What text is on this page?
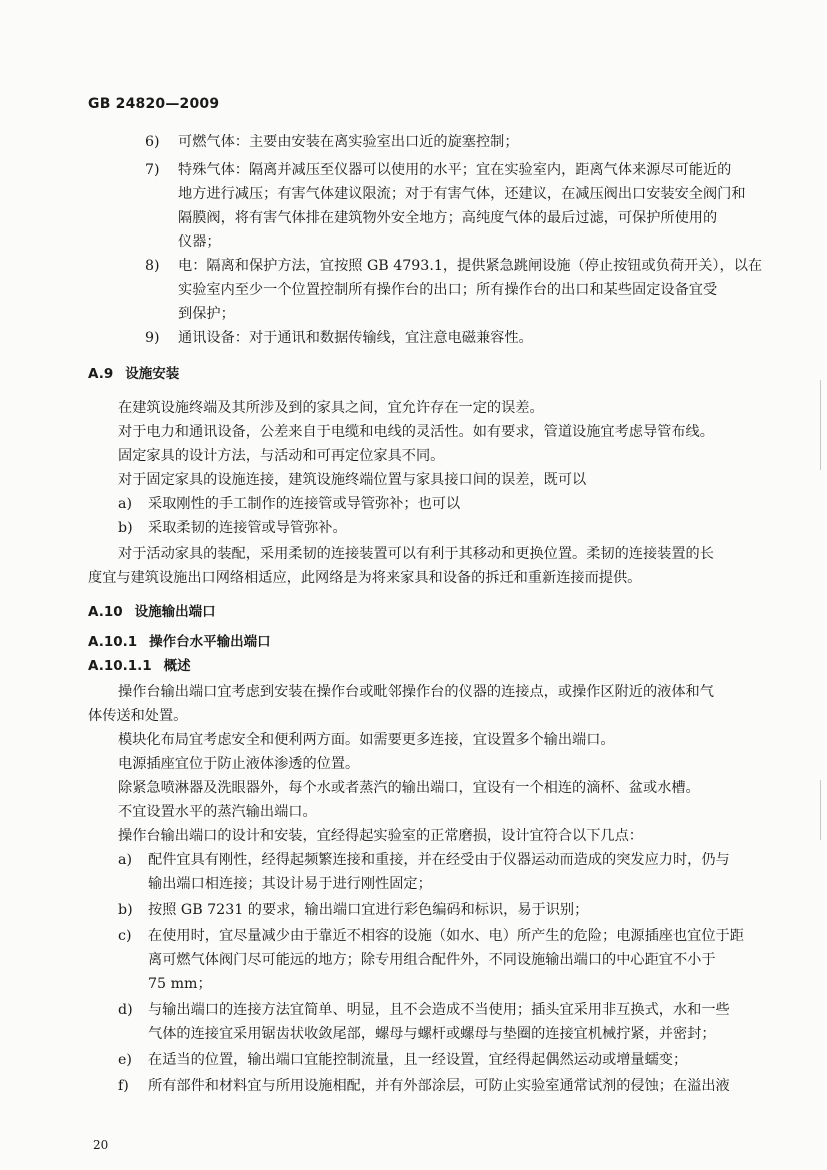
GB 24820—2009
6) 可燃气体：主要由安装在离实验室出口近的旋塞控制；
7) 特殊气体：隔离并减压至仪器可以使用的水平；宜在实验室内，距离气体来源尽可能近的
地方进行减压；有害气体建议限流；对于有害气体，还建议，在减压阀出口安装安全阀门和
隔膜阀，将有害气体排在建筑物外安全地方；高纯度气体的最后过滤，可保护所使用的
仪器；
8) 电：隔离和保护方法，宜按照 GB 4793.1，提供紧急跳闸设施（停止按钮或负荷开关），以在
实验室内至少一个位置控制所有操作台的出口；所有操作台的出口和某些固定设备宜受
到保护；
9) 通讯设备：对于通讯和数据传输线，宜注意电磁兼容性。
A.9 设施安装
在建筑设施终端及其所涉及到的家具之间，宜允许存在一定的误差。
对于电力和通讯设备，公差来自于电缆和电线的灵活性。如有要求，管道设施宜考虑导管布线。
固定家具的设计方法，与活动和可再定位家具不同。
对于固定家具的设施连接，建筑设施终端位置与家具接口间的误差，既可以
a) 采取刚性的手工制作的连接管或导管弥补；也可以
b) 采取柔韧的连接管或导管弥补。
对于活动家具的装配，采用柔韧的连接装置可以有利于其移动和更换位置。柔韧的连接装置的长
度宜与建筑设施出口网络相适应，此网络是为将来家具和设备的拆迁和重新连接而提供。
A.10 设施输出端口
A.10.1 操作台水平输出端口
A.10.1.1 概述
操作台输出端口宜考虑到安装在操作台或毗邻操作台的仪器的连接点，或操作区附近的液体和气
体传送和处置。
模块化布局宜考虑安全和便利两方面。如需要更多连接，宜设置多个输出端口。
电源插座宜位于防止液体渗透的位置。
除紧急喷淋器及洗眼器外，每个水或者蒸汽的输出端口，宜设有一个相连的滴杯、盆或水槽。
不宜设置水平的蒸汽输出端口。
操作台输出端口的设计和安装，宜经得起实验室的正常磨损，设计宜符合以下几点：
a) 配件宜具有刚性，经得起频繁连接和重接，并在经受由于仪器运动而造成的突发应力时，仍与
输出端口相连接；其设计易于进行刚性固定；
b) 按照 GB 7231 的要求，输出端口宜进行彩色编码和标识，易于识别；
c) 在使用时，宜尽量减少由于靠近不相容的设施（如水、电）所产生的危险；电源插座也宜位于距
离可燃气体阀门尽可能远的地方；除专用组合配件外，不同设施输出端口的中心距宜不小于
75 mm；
d) 与输出端口的连接方法宜简单、明显，且不会造成不当使用；插头宜采用非互换式，水和一些
气体的连接宜采用锯齿状收敛尾部，螺母与螺杆或螺母与垫圈的连接宜机械拧紧，并密封；
e) 在适当的位置，输出端口宜能控制流量，且一经设置，宜经得起偶然运动或增量蠕变；
f) 所有部件和材料宜与所用设施相配，并有外部涂层，可防止实验室通常试剂的侵蚀；在溢出液
20
